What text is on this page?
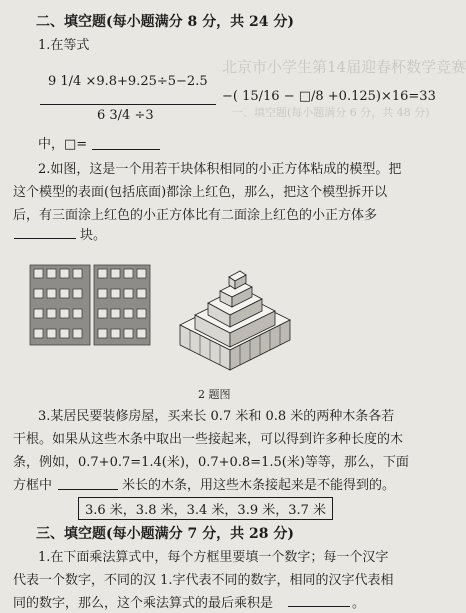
北京市小学生第14届迎春杯数学竞赛
一、填空题(每小题满分 6 分，共 48 分)
二、填空题(每小题满分 8 分，共 24 分)
1.在等式
9 1/4 ×9.8+9.25÷5−2.5
6 3/4 ÷3
−( 15/16 − □/8 +0.125)×16=33
中，□=
2.如图，这是一个用若干块体积相同的小正方体粘成的模型。把
这个模型的表面(包括底面)都涂上红色，那么，把这个模型拆开以
后，有三面涂上红色的小正方体比有二面涂上红色的小正方体多
块。
2 题图
3.某居民要装修房屋，买来长 0.7 米和 0.8 米的两种木条各若
干根。如果从这些木条中取出一些接起来，可以得到许多种长度的木
条，例如，0.7+0.7=1.4(米)，0.7+0.8=1.5(米)等等，那么，下面
方框中	米长的木条，用这些木条接起来是不能得到的。
3.6 米，3.8 米，3.4 米，3.9 米，3.7 米
三、填空题(每小题满分 7 分，共 28 分)
1.在下面乘法算式中，每个方框里要填一个数字；每一个汉字
代表一个数字，不同的汉 1.字代表不同的数字，相同的汉字代表相
同的数字，那么，这个乘法算式的最后乘积是	。
